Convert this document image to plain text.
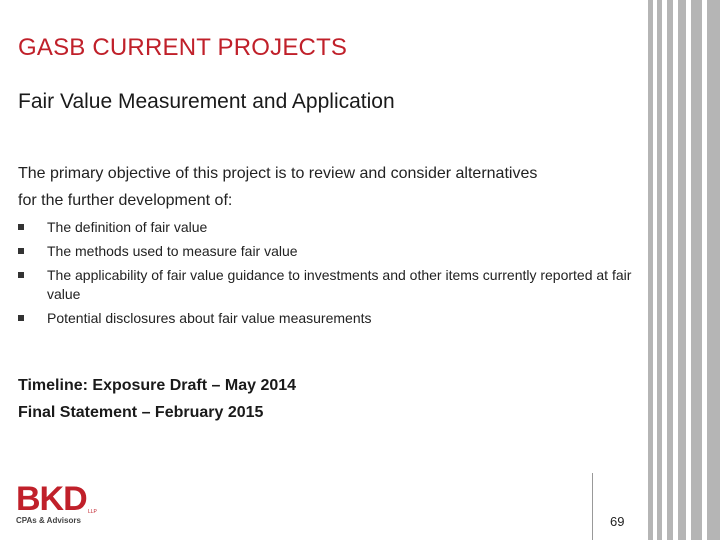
GASB CURRENT PROJECTS
Fair Value Measurement and Application
The primary objective of this project is to review and consider alternatives
for the further development of:
The definition of fair value
The methods used to measure fair value
The applicability of fair value guidance to investments and other items currently reported at fair value
Potential disclosures about fair value measurements
Timeline: Exposure Draft – May 2014
Final Statement – February 2015
BKD LLP
CPAs & Advisors	69
